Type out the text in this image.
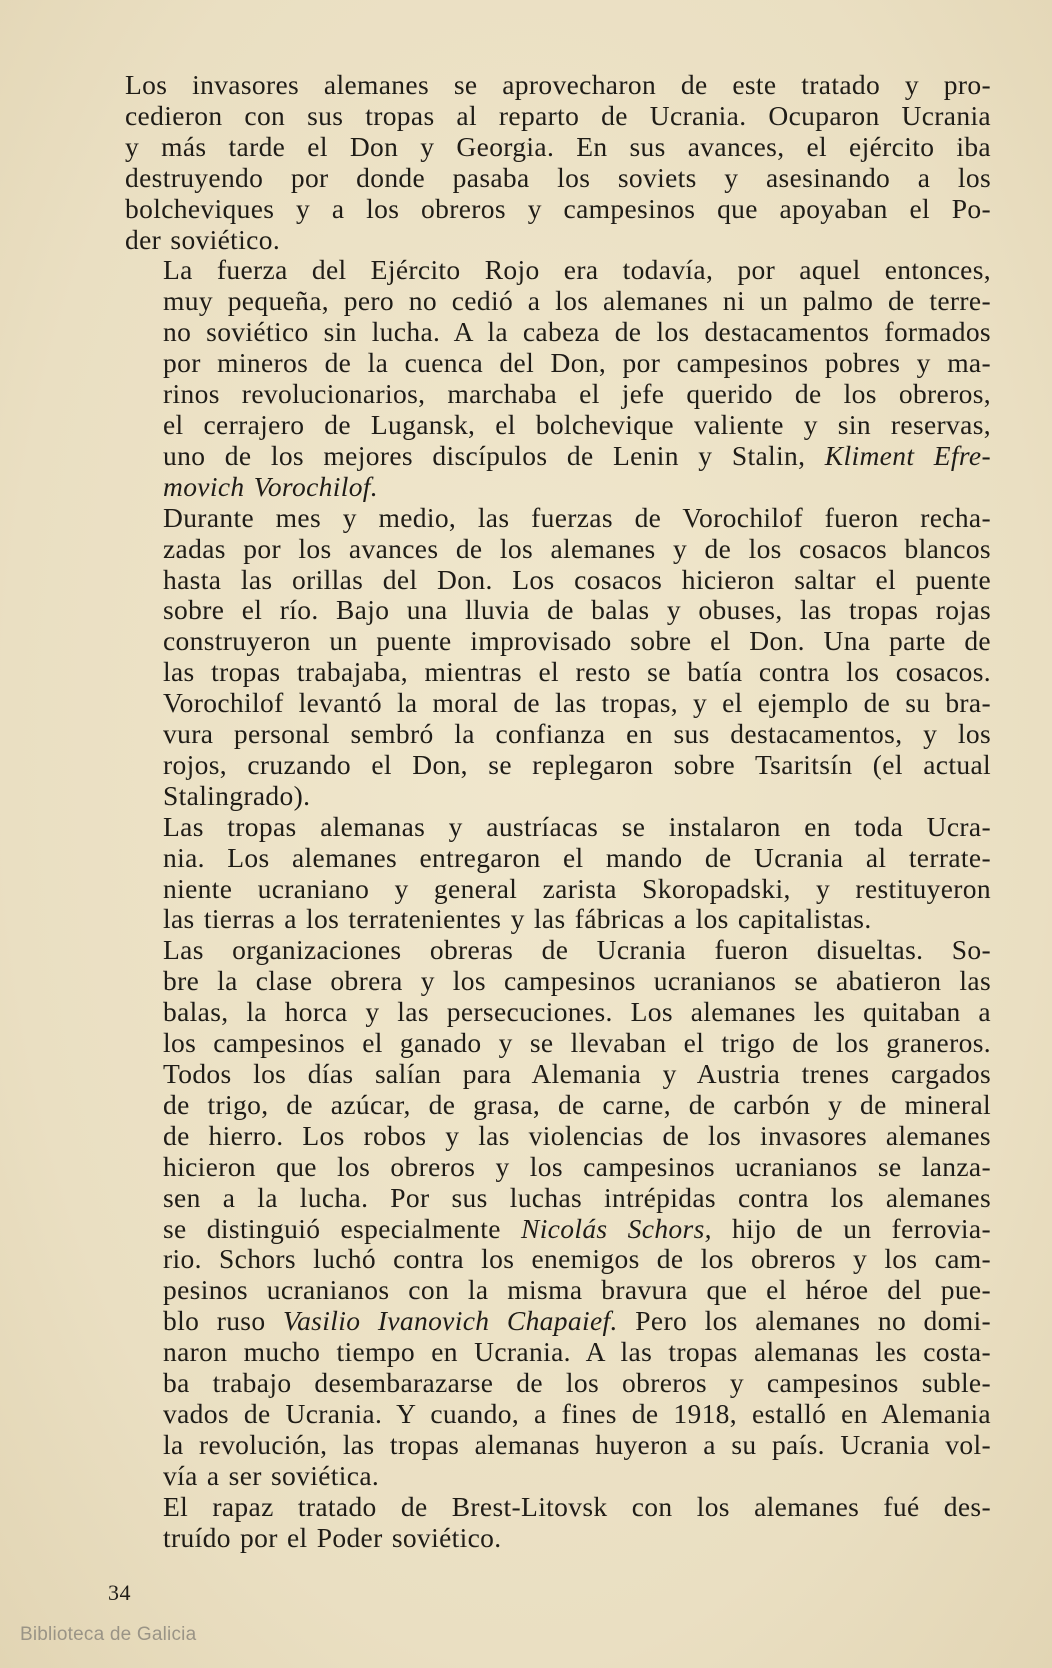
Los invasores alemanes se aprovecharon de este tratado y pro-
cedieron con sus tropas al reparto de Ucrania. Ocuparon Ucrania
y más tarde el Don y Georgia. En sus avances, el ejército iba
destruyendo por donde pasaba los soviets y asesinando a los
bolcheviques y a los obreros y campesinos que apoyaban el Po-
der soviético.

La fuerza del Ejército Rojo era todavía, por aquel entonces,
muy pequeña, pero no cedió a los alemanes ni un palmo de terre-
no soviético sin lucha. A la cabeza de los destacamentos formados
por mineros de la cuenca del Don, por campesinos pobres y ma-
rinos revolucionarios, marchaba el jefe querido de los obreros,
el cerrajero de Lugansk, el bolchevique valiente y sin reservas,
uno de los mejores discípulos de Lenin y Stalin, Kliment Efre-
movich Vorochilof.

Durante mes y medio, las fuerzas de Vorochilof fueron recha-
zadas por los avances de los alemanes y de los cosacos blancos
hasta las orillas del Don. Los cosacos hicieron saltar el puente
sobre el río. Bajo una lluvia de balas y obuses, las tropas rojas
construyeron un puente improvisado sobre el Don. Una parte de
las tropas trabajaba, mientras el resto se batía contra los cosacos.
Vorochilof levantó la moral de las tropas, y el ejemplo de su bra-
vura personal sembró la confianza en sus destacamentos, y los
rojos, cruzando el Don, se replegaron sobre Tsaritsín (el actual
Stalingrado).

Las tropas alemanas y austríacas se instalaron en toda Ucra-
nia. Los alemanes entregaron el mando de Ucrania al terrate-
niente ucraniano y general zarista Skoropadski, y restituyeron
las tierras a los terratenientes y las fábricas a los capitalistas.

Las organizaciones obreras de Ucrania fueron disueltas. So-
bre la clase obrera y los campesinos ucranianos se abatieron las
balas, la horca y las persecuciones. Los alemanes les quitaban a
los campesinos el ganado y se llevaban el trigo de los graneros.
Todos los días salían para Alemania y Austria trenes cargados
de trigo, de azúcar, de grasa, de carne, de carbón y de mineral
de hierro. Los robos y las violencias de los invasores alemanes
hicieron que los obreros y los campesinos ucranianos se lanza-
sen a la lucha. Por sus luchas intrépidas contra los alemanes
se distinguió especialmente Nicolás Schors, hijo de un ferrovia-
rio. Schors luchó contra los enemigos de los obreros y los cam-
pesinos ucranianos con la misma bravura que el héroe del pue-
blo ruso Vasilio Ivanovich Chapaief. Pero los alemanes no domi-
naron mucho tiempo en Ucrania. A las tropas alemanas les costa-
ba trabajo desembarazarse de los obreros y campesinos suble-
vados de Ucrania. Y cuando, a fines de 1918, estalló en Alemania
la revolución, las tropas alemanas huyeron a su país. Ucrania vol-
vía a ser soviética.

El rapaz tratado de Brest-Litovsk con los alemanes fué des-
truído por el Poder soviético.

34
Biblioteca de Galicia
